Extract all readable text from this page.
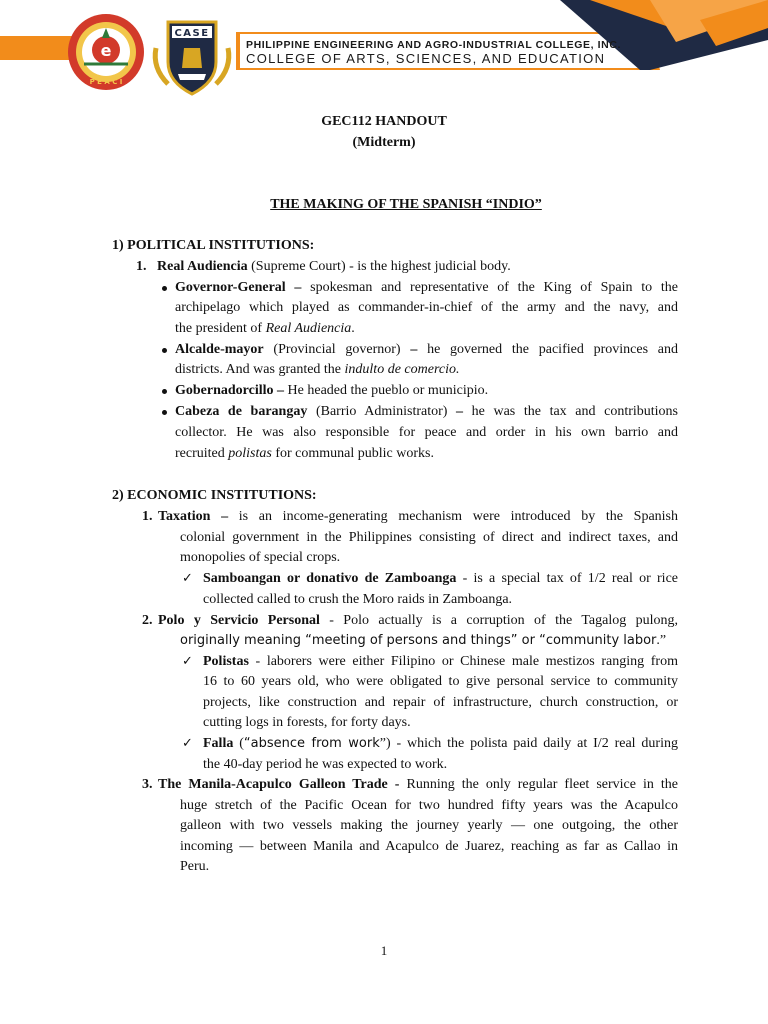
e
P E A C I
CASE
PHILIPPINE ENGINEERING AND AGRO-INDUSTRIAL COLLEGE, INC.
COLLEGE OF ARTS, SCIENCES, AND EDUCATION
GEC112 HANDOUT
(Midterm)
THE MAKING OF THE SPANISH “INDIO”
1) POLITICAL INSTITUTIONS:
1. Real Audiencia (Supreme Court) - is the highest judicial body.
Governor-General – spokesman and representative of the King of Spain to the
archipelago which played as commander-in-chief of the army and the navy, and
the president of Real Audiencia.
Alcalde-mayor (Provincial governor) – he governed the pacified provinces and
districts. And was granted the indulto de comercio.
Gobernadorcillo – He headed the pueblo or municipio.
Cabeza de barangay (Barrio Administrator) – he was the tax and contributions
collector. He was also responsible for peace and order in his own barrio and
recruited polistas for communal public works.
2) ECONOMIC INSTITUTIONS:
1. Taxation – is an income-generating mechanism were introduced by the Spanish
colonial government in the Philippines consisting of direct and indirect taxes, and
monopolies of special crops.
✓ Samboangan or donativo de Zamboanga - is a special tax of 1/2 real or rice
collected called to crush the Moro raids in Zamboanga.
2. Polo y Servicio Personal - Polo actually is a corruption of the Tagalog pulong,
originally meaning “meeting of persons and things” or “community labor.”
✓ Polistas - laborers were either Filipino or Chinese male mestizos ranging from
16 to 60 years old, who were obligated to give personal service to community
projects, like construction and repair of infrastructure, church construction, or
cutting logs in forests, for forty days.
✓ Falla (“absence from work”) - which the polista paid daily at I/2 real during
the 40-day period he was expected to work.
3. The Manila-Acapulco Galleon Trade - Running the only regular fleet service in the
huge stretch of the Pacific Ocean for two hundred fifty years was the Acapulco
galleon with two vessels making the journey yearly — one outgoing, the other
incoming — between Manila and Acapulco de Juarez, reaching as far as Callao in
Peru.
1
